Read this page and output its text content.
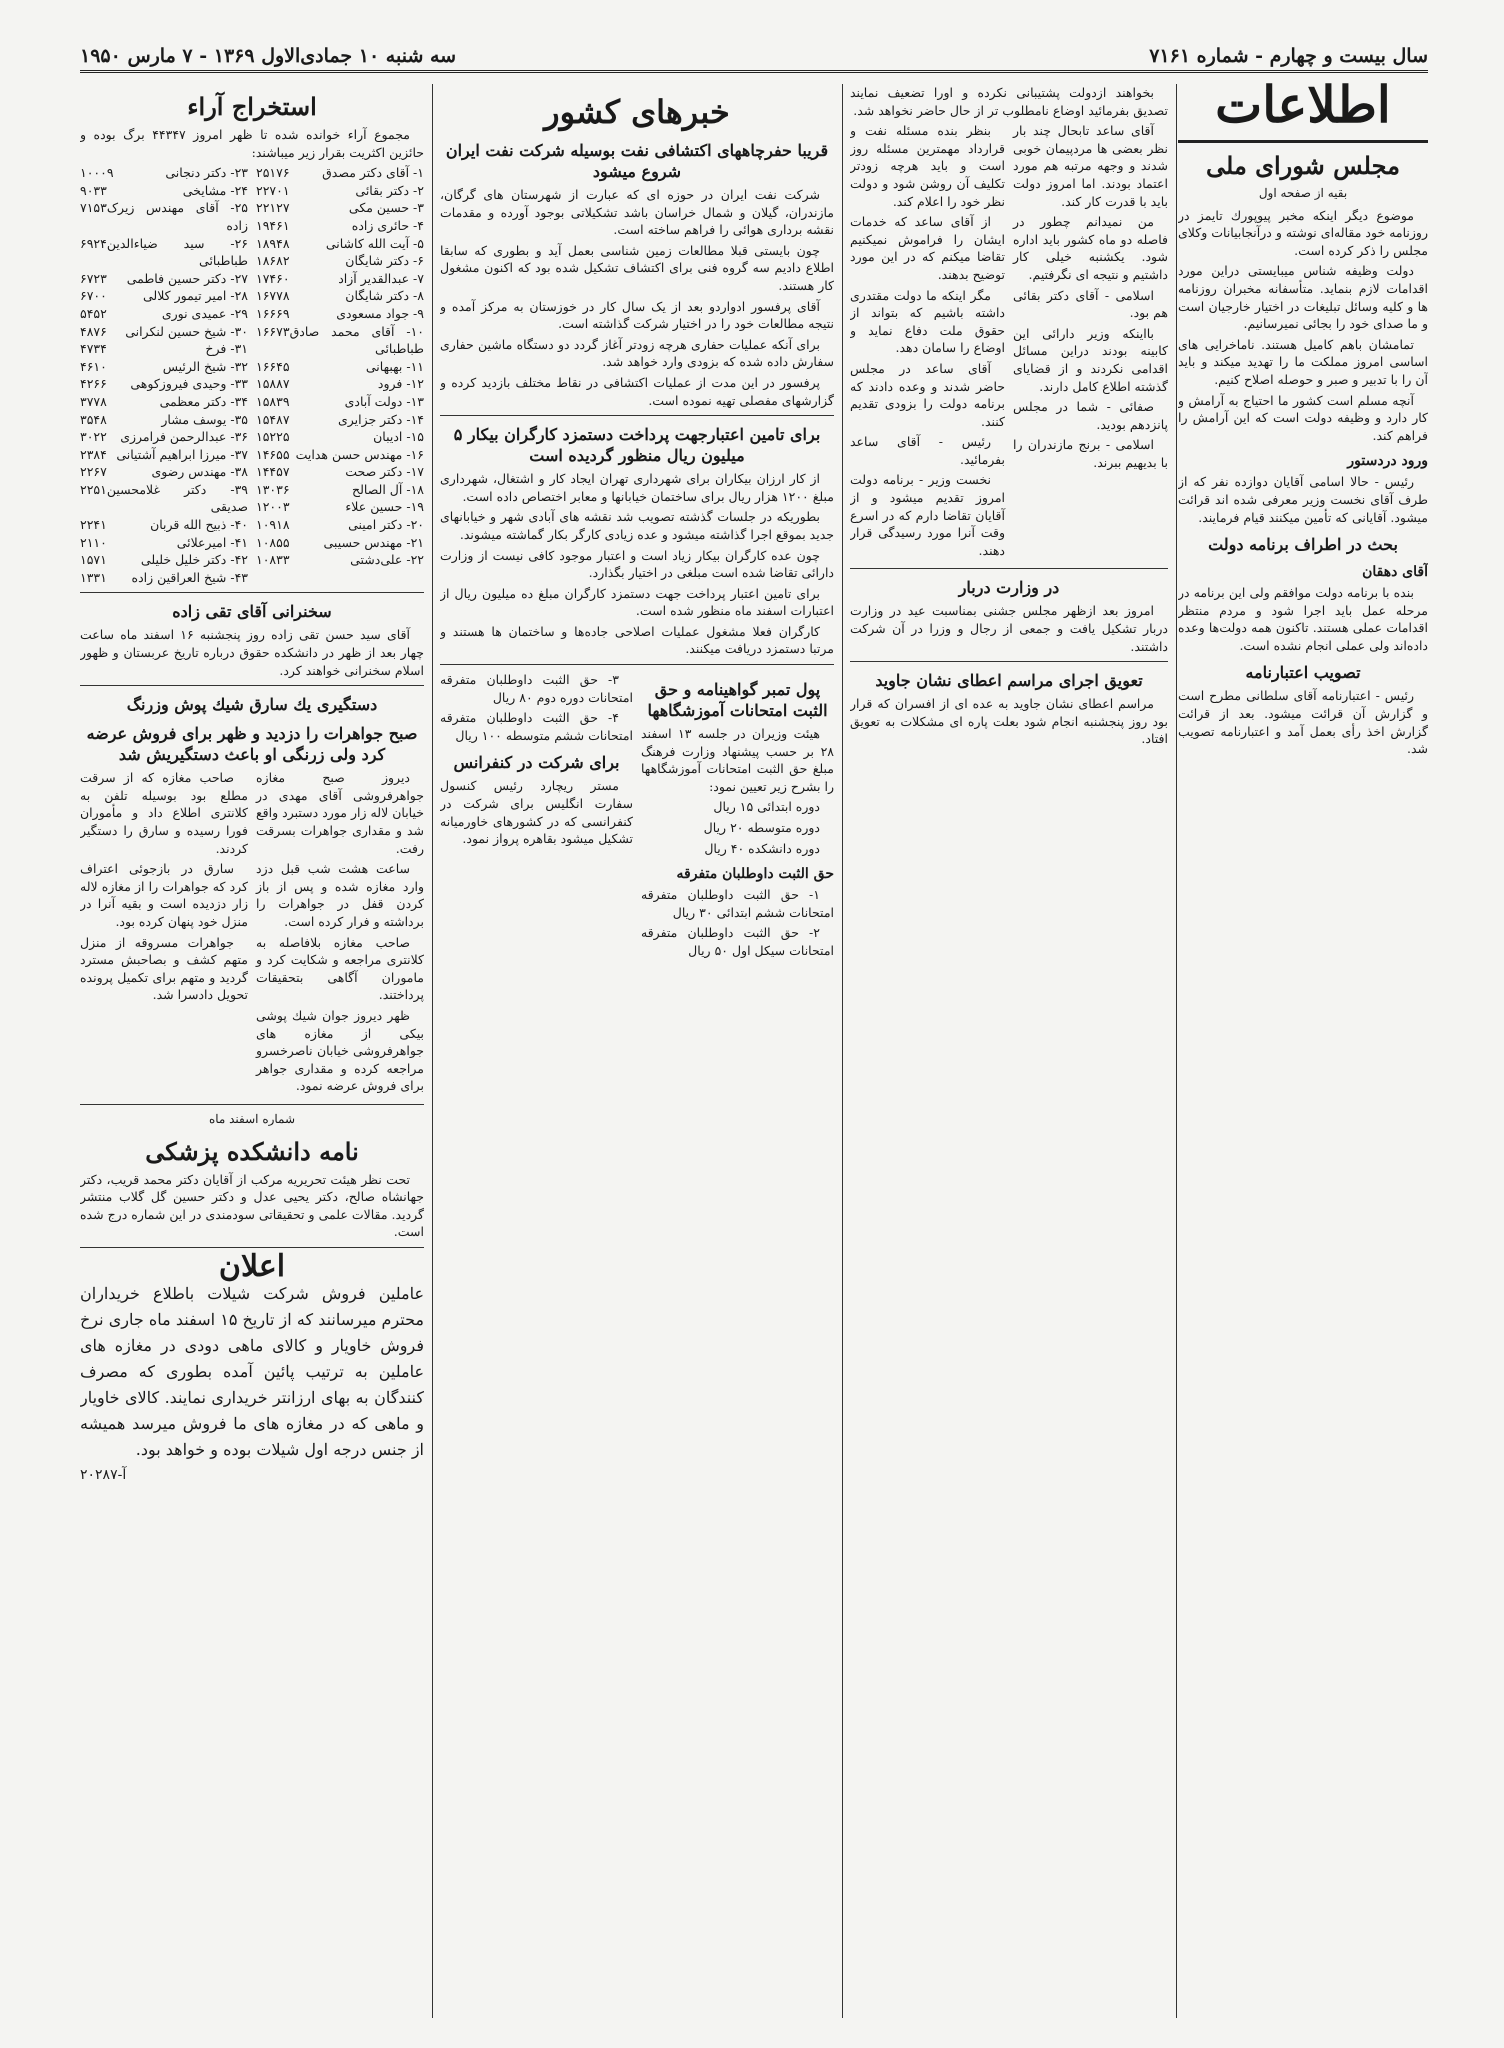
سال بیست و چهارم - شماره ۷۱۶۱
سه شنبه ۱۰ جمادی‌الاول ۱۳۶۹ - ۷ مارس ۱۹۵۰
اطلاعات
مجلس شورای ملی
بقیه از صفحه اول

موضوع دیگر اینکه مخبر پیوپورك تایمز در روزنامه خود مقاله‌ای نوشته و درآنجابیانات وکلای مجلس را ذکر کرده است.

دولت وظیفه شناس میبایستی دراین مورد اقدامات لازم بنماید. متأسفانه مخبران روزنامه ها و کلیه وسائل تبلیغات در اختیار خارجیان است و ما صدای خود را بجائی نمیرسانیم.

تمامشان باهم کامیل هستند. ناماخرایی های اساسی امروز مملکت ما را تهدید میکند و باید آن را با تدبیر و صبر و حوصله اصلاح کنیم.

آنچه مسلم است کشور ما احتیاج به آرامش و کار دارد و وظیفه دولت است که این آرامش را فراهم کند.

ورود دردستور

رئیس - حالا اسامی آقایان دوازده نفر که از طرف آقای نخست وزیر معرفی شده اند قرائت میشود. آقایانی که تأمین میکنند قیام فرمایند.

بحث در اطراف برنامه دولت
آقای دهقان

بنده با برنامه دولت موافقم ولی این برنامه در مرحله عمل باید اجرا شود و مردم منتظر اقدامات عملی هستند. تاکنون همه دولت‌ها وعده داده‌اند ولی عملی انجام نشده است.

تصویب اعتبارنامه

رئیس - اعتبارنامه آقای سلطانی مطرح است و گزارش آن قرائت میشود. بعد از قرائت گزارش اخذ رأی بعمل آمد و اعتبارنامه تصویب شد.

بخواهند ازدولت پشتیبانی نکرده و اورا تضعیف نمایند تصدیق بفرمائید اوضاع نامطلوب تر از حال حاضر نخواهد شد.

آقای ساعد تابحال چند بار نظر بعضی ها مردپیمان خوبی شدند و وجهه مرتبه هم مورد اعتماد بودند. اما امروز دولت باید با قدرت کار کند.

من نمیدانم چطور در فاصله دو ماه کشور باید اداره شود. یکشنبه خیلی کار داشتیم و نتیجه ای نگرفتیم.

اسلامی - آقای دکتر بقائی هم بود.

بااینکه وزیر دارائی این کابینه بودند دراین مسائل اقدامی نکردند و از قضایای گذشته اطلاع کامل دارند.

صفائی - شما در مجلس پانزدهم بودید.

اسلامی - برنج مازندران را با بدیهیم ببرند.

بنظر بنده مسئله نفت و قرارداد مهمترین مسئله روز است و باید هرچه زودتر تکلیف آن روشن شود و دولت نظر خود را اعلام کند.

از آقای ساعد که خدمات ایشان را فراموش نمیکنیم تقاضا میکنم که در این مورد توضیح بدهند.

مگر اینکه ما دولت مقتدری داشته باشیم که بتواند از حقوق ملت دفاع نماید و اوضاع را سامان دهد.

آقای ساعد در مجلس حاضر شدند و وعده دادند که برنامه دولت را بزودی تقدیم کنند.

رئیس - آقای ساعد بفرمائید.

نخست وزیر - برنامه دولت امروز تقدیم میشود و از آقایان تقاضا دارم که در اسرع وقت آنرا مورد رسیدگی قرار دهند.

در وزارت دربار

امروز بعد ازظهر مجلس جشنی بمناسبت عید در وزارت دربار تشکیل یافت و جمعی از رجال و وزرا در آن شرکت داشتند.

تعویق اجرای مراسم اعطای نشان جاوید

مراسم اعطای نشان جاوید به عده ای از افسران که قرار بود روز پنجشنبه انجام شود بعلت پاره ای مشکلات به تعویق افتاد.

خبرهای کشور
قریبا حفرچاههای اکتشافی نفت بوسیله شرکت نفت ایران شروع میشود

شرکت نفت ایران در حوزه ای که عبارت از شهرستان های گرگان، مازندران، گیلان و شمال خراسان باشد تشکیلاتی بوجود آورده و مقدمات نقشه برداری هوائی را فراهم ساخته است.

چون بایستی قبلا مطالعات زمین شناسی بعمل آید و بطوری که سابقا اطلاع دادیم سه گروه فنی برای اکتشاف تشکیل شده بود که اکنون مشغول کار هستند.

آقای پرفسور ادواردو بعد از یک سال کار در خوزستان به مرکز آمده و نتیجه مطالعات خود را در اختیار شرکت گذاشته است.

برای آنکه عملیات حفاری هرچه زودتر آغاز گردد دو دستگاه ماشین حفاری سفارش داده شده که بزودی وارد خواهد شد.

پرفسور در این مدت از عملیات اکتشافی در نقاط مختلف بازدید کرده و گزارشهای مفصلی تهیه نموده است.

برای تامین اعتبارجهت پرداخت دستمزد کارگران بیکار ۵ میلیون ریال منظور گردیده است

از کار ارزان بیکاران برای شهرداری تهران ایجاد کار و اشتغال، شهرداری مبلغ ۱۲۰۰ هزار ریال برای ساختمان خیابانها و معابر اختصاص داده است.

بطوریکه در جلسات گذشته تصویب شد نقشه های آبادی شهر و خیابانهای جدید بموقع اجرا گذاشته میشود و عده زیادی کارگر بکار گماشته میشوند.

چون عده کارگران بیکار زیاد است و اعتبار موجود کافی نیست از وزارت دارائی تقاضا شده است مبلغی در اختیار بگذارد.

برای تامین اعتبار پرداخت جهت دستمزد کارگران مبلغ ده میلیون ریال از اعتبارات اسفند ماه منظور شده است.

کارگران فعلا مشغول عملیات اصلاحی جاده‌ها و ساختمان ها هستند و مرتبا دستمزد دریافت میکنند.

پول تمبر گواهینامه و حق الثبت امتحانات آموزشگاهها

هیئت وزیران در جلسه ۱۳ اسفند ۲۸ بر حسب پیشنهاد وزارت فرهنگ مبلغ حق الثبت امتحانات آموزشگاهها را بشرح زیر تعیین نمود:

دوره ابتدائی ۱۵ ریال

دوره متوسطه ۲۰ ریال

دوره دانشکده ۴۰ ریال

حق الثبت داوطلبان متفرقه

۱- حق الثبت داوطلبان متفرقه امتحانات ششم ابتدائی ۳۰ ریال

۲- حق الثبت داوطلبان متفرقه امتحانات سیکل اول ۵۰ ریال

۳- حق الثبت داوطلبان متفرقه امتحانات دوره دوم ۸۰ ریال

۴- حق الثبت داوطلبان متفرقه امتحانات ششم متوسطه ۱۰۰ ریال

برای شرکت در کنفرانس

مستر ریچارد رئیس کنسول سفارت انگلیس برای شرکت در کنفرانسی که در کشورهای خاورمیانه تشکیل میشود بقاهره پرواز نمود.

استخراج آراء

مجموع آراء خوانده شده تا ظهر امروز ۴۴۳۴۷ برگ بوده و حائزین اکثریت بقرار زیر میباشند:

۱- آقای دکتر مصدق
۲۵۱۷۶
۲- دکتر بقائی
۲۲۷۰۱
۳- حسین مکی
۲۲۱۲۷
۴- حائری زاده
۱۹۴۶۱
۵- آیت الله کاشانی
۱۸۹۴۸
۶- دکتر شایگان
۱۸۶۸۲
۷- عبدالقدیر آزاد
۱۷۴۶۰
۸- دکتر شایگان
۱۶۷۷۸
۹- جواد مسعودی
۱۶۶۶۹
۱۰- آقای محمد صادق طباطبائی
۱۶۶۷۳
۱۱- بهبهانی
۱۶۶۴۵
۱۲- فرود
۱۵۸۸۷
۱۳- دولت آبادی
۱۵۸۳۹
۱۴- دکتر جزایری
۱۵۴۸۷
۱۵- ادیبان
۱۵۲۲۵
۱۶- مهندس حسن هدایت
۱۴۶۵۵
۱۷- دکتر صحت
۱۴۴۵۷
۱۸- آل الصالح
۱۳۰۳۶
۱۹- حسین علاء
۱۲۰۰۳
۲۰- دکتر امینی
۱۰۹۱۸
۲۱- مهندس حسیبی
۱۰۸۵۵
۲۲- علی‌دشتی
۱۰۸۳۳
۲۳- دکتر دنجانی
۱۰۰۰۹
۲۴- مشایخی
۹۰۳۳
۲۵- آقای مهندس زیرک زاده
۷۱۵۳
۲۶- سید ضیاءالدین طباطبائی
۶۹۲۴
۲۷- دکتر حسین فاطمی
۶۷۲۳
۲۸- امیر تیمور کلالی
۶۷۰۰
۲۹- عمیدی نوری
۵۴۵۲
۳۰- شیخ حسین لنکرانی
۴۸۷۶
۳۱- فرخ
۴۷۳۴
۳۲- شیخ الرئیس
۴۶۱۰
۳۳- وحیدی فیروزکوهی
۴۲۶۶
۳۴- دکتر معظمی
۳۷۷۸
۳۵- یوسف مشار
۳۵۴۸
۳۶- عبدالرحمن فرامرزی
۳۰۲۲
۳۷- میرزا ابراهیم آشتیانی
۲۳۸۴
۳۸- مهندس رضوی
۲۲۶۷
۳۹- دکتر غلامحسین صدیقی
۲۲۵۱
۴۰- ذبیح الله قربان
۲۲۴۱
۴۱- امیرعلائی
۲۱۱۰
۴۲- دکتر خلیل خلیلی
۱۵۷۱
۴۳- شیخ العراقین زاده
۱۳۳۱
سخنرانی آقای تقی زاده

آقای سید حسن تقی زاده روز پنجشنبه ۱۶ اسفند ماه ساعت چهار بعد از ظهر در دانشکده حقوق درباره تاریخ عربستان و ظهور اسلام سخنرانی خواهند کرد.

دستگیری یك سارق شیك پوش وزرنگ
صبح جواهرات را دزدید و ظهر برای فروش عرضه کرد ولی زرنگی او باعث دستگیریش شد

دیروز صبح مغازه جواهرفروشی آقای مهدی در خیابان لاله زار مورد دستبرد واقع شد و مقداری جواهرات بسرقت رفت.

ساعت هشت شب قبل دزد وارد مغازه شده و پس از باز کردن قفل در جواهرات را برداشته و فرار کرده است.

صاحب مغازه بلافاصله به کلانتری مراجعه و شکایت کرد و ماموران آگاهی بتحقیقات پرداختند.

ظهر دیروز جوان شیك پوشی بیکی از مغازه های جواهرفروشی خیابان ناصرخسرو مراجعه کرده و مقداری جواهر برای فروش عرضه نمود.

صاحب مغازه که از سرقت مطلع بود بوسیله تلفن به کلانتری اطلاع داد و مأموران فورا رسیده و سارق را دستگیر کردند.

سارق در بازجوئی اعتراف کرد که جواهرات را از مغازه لاله زار دزدیده است و بقیه آنرا در منزل خود پنهان کرده بود.

جواهرات مسروقه از منزل متهم کشف و بصاحبش مسترد گردید و متهم برای تکمیل پرونده تحویل دادسرا شد.

شماره اسفند ماه
نامه دانشکده پزشکی

تحت نظر هیئت تحریریه مرکب از آقایان دکتر محمد قریب، دکتر جهانشاه صالح، دکتر یحیی عدل و دکتر حسین گل گلاب منتشر گردید. مقالات علمی و تحقیقاتی سودمندی در این شماره درج شده است.

اعلان
عاملین فروش شرکت شیلات باطلاع خریداران محترم میرسانند که از تاریخ ۱۵ اسفند ماه جاری نرخ فروش خاویار و کالای ماهی دودی در مغازه های عاملین به ترتیب پائین آمده بطوری که مصرف کنندگان به بهای ارزانتر خریداری نمایند. کالای خاویار و ماهی که در مغازه های ما فروش میرسد همیشه از جنس درجه اول شیلات بوده و خواهد بود.
آ-۲۰۲۸۷
